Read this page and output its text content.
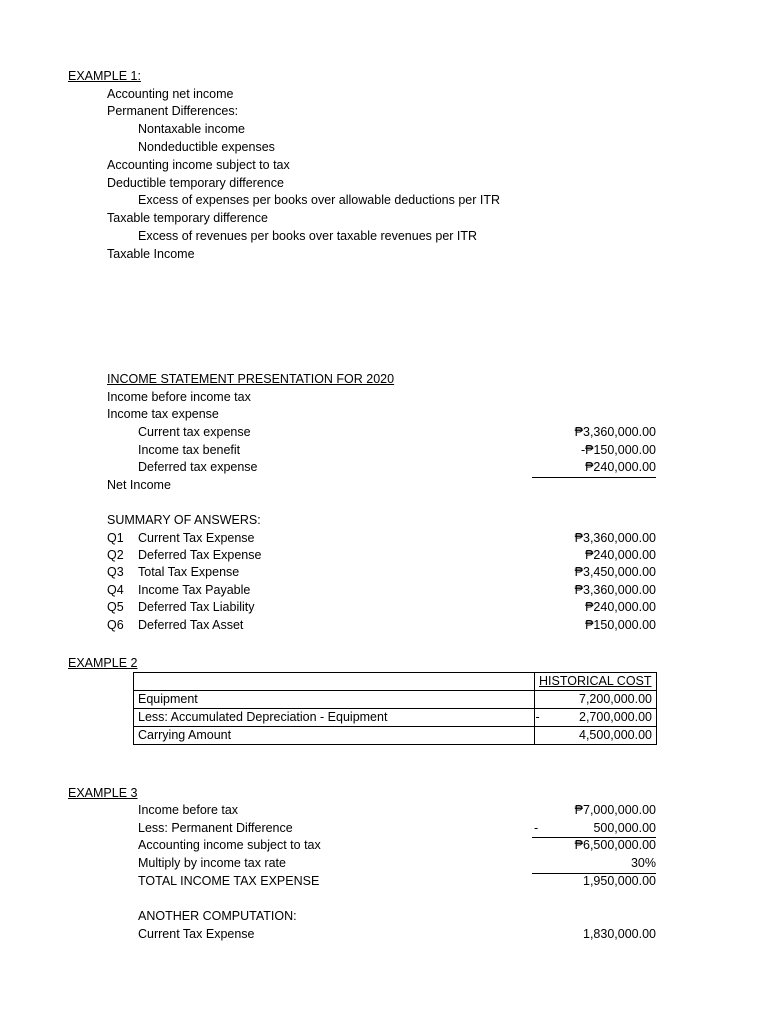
EXAMPLE 1:
Accounting net income
Permanent Differences:
Nontaxable income
Nondeductible expenses
Accounting income subject to tax
Deductible temporary difference
Excess of expenses per books over allowable deductions per ITR
Taxable temporary difference
Excess of revenues per books over taxable revenues per ITR
Taxable Income
INCOME STATEMENT PRESENTATION FOR 2020
Income before income tax
Income tax expense
Current tax expense	₱3,360,000.00
Income tax benefit	-₱150,000.00
Deferred tax expense	₱240,000.00
Net Income
SUMMARY OF ANSWERS:
Q1 Current Tax Expense	₱3,360,000.00
Q2 Deferred Tax Expense	₱240,000.00
Q3 Total Tax Expense	₱3,450,000.00
Q4 Income Tax Payable	₱3,360,000.00
Q5 Deferred Tax Liability	₱240,000.00
Q6 Deferred Tax Asset	₱150,000.00
EXAMPLE 2
	HISTORICAL COST
Equipment	7,200,000.00
Less: Accumulated Depreciation - Equipment	- 2,700,000.00
Carrying Amount	4,500,000.00
EXAMPLE 3
Income before tax	₱7,000,000.00
Less: Permanent Difference	-	500,000.00
Accounting income subject to tax	₱6,500,000.00
Multiply by income tax rate	30%
TOTAL INCOME TAX EXPENSE	1,950,000.00
ANOTHER COMPUTATION:
Current Tax Expense	1,830,000.00
